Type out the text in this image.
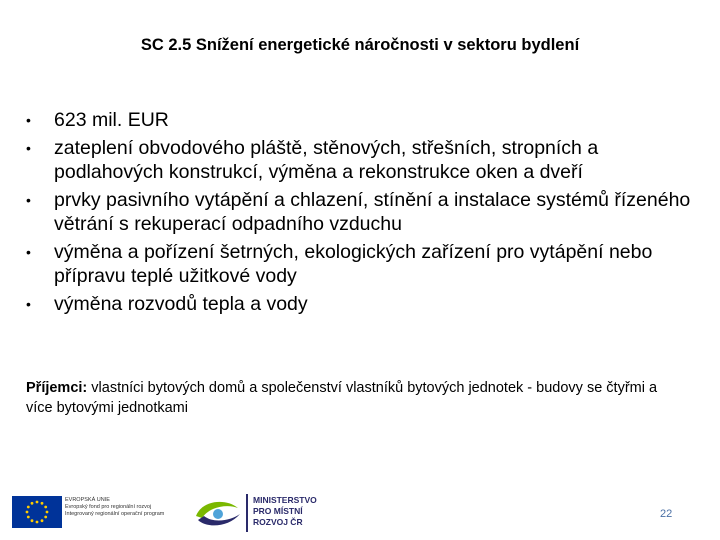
SC 2.5 Snížení energetické náročnosti v sektoru bydlení
• 623 mil. EUR
• zateplení obvodového pláště, stěnových, střešních, stropních a podlahových konstrukcí, výměna a rekonstrukce oken a dveří
• prvky pasivního vytápění a chlazení, stínění a instalace systémů řízeného větrání s rekuperací odpadního vzduchu
• výměna a pořízení šetrných, ekologických zařízení pro vytápění nebo přípravu teplé užitkové vody
• výměna rozvodů tepla a vody
Příjemci: vlastníci bytových domů a společenství vlastníků bytových jednotek - budovy se čtyřmi a více bytovými jednotkami
EVROPSKÁ UNIE
Evropský fond pro regionální rozvoj
Integrovaný regionální operační program
MINISTERSTVO
PRO MÍSTNÍ
ROZVOJ ČR
22
